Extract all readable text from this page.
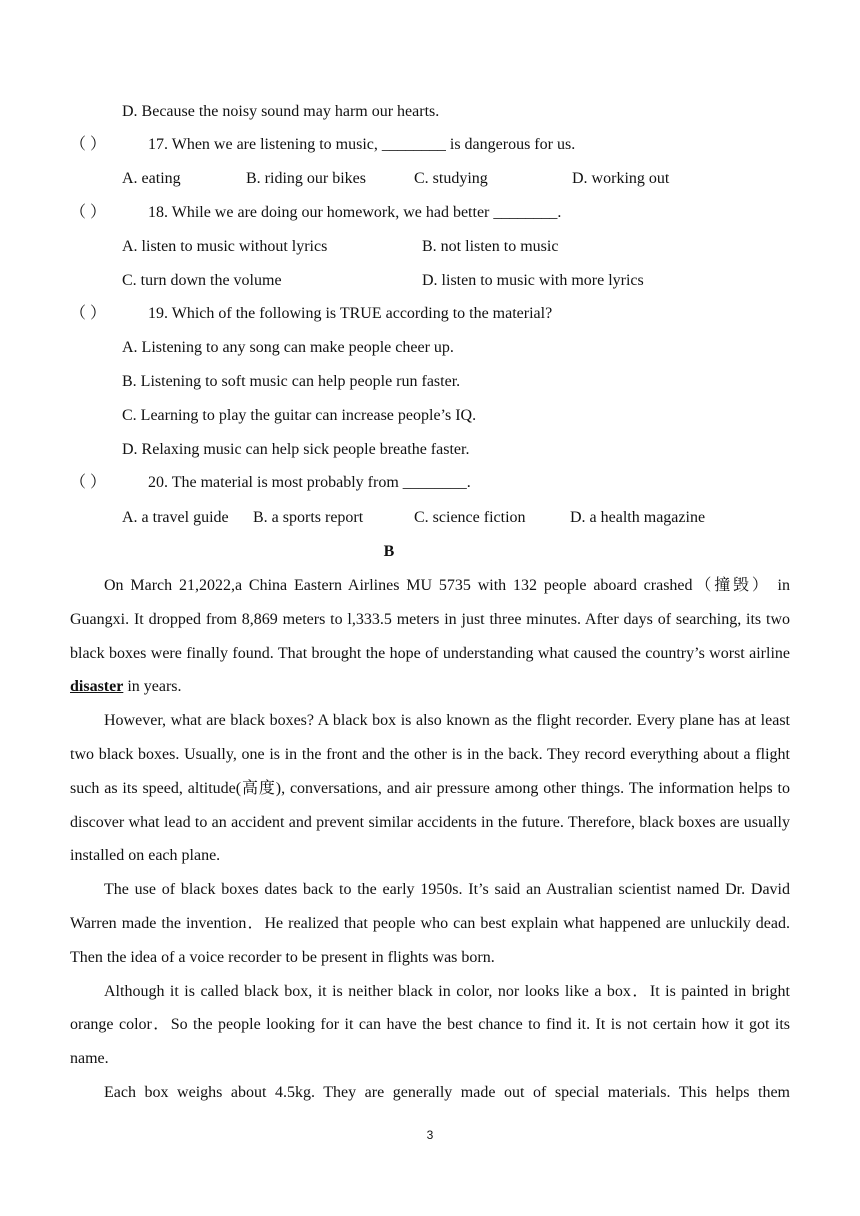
D. Because the noisy sound may harm our hearts.
（ ）	17. When we are listening to music, ________ is dangerous for us.
A. eating	B. riding our bikes	C. studying	D. working out
（ ）	18. While we are doing our homework, we had better ________.
A. listen to music without lyrics	B. not listen to music
C. turn down the volume	D. listen to music with more lyrics
（ ）	19. Which of the following is TRUE according to the material?
A. Listening to any song can make people cheer up.
B. Listening to soft music can help people run faster.
C. Learning to play the guitar can increase people’s IQ.
D. Relaxing music can help sick people breathe faster.
（ ）	20. The material is most probably from ________.
A. a travel guide B. a sports report	C. science fiction	D. a health magazine
B

On March 21,2022,a China Eastern Airlines MU 5735 with 132 people aboard crashed（撞毁） in Guangxi. It dropped from 8,869 meters to l,333.5 meters in just three minutes. After days of searching, its two black boxes were finally found. That brought the hope of understanding what caused the country’s worst airline disaster in years.

However, what are black boxes? A black box is also known as the flight recorder. Every plane has at least two black boxes. Usually, one is in the front and the other is in the back. They record everything about a flight such as its speed, altitude(高度), conversations, and air pressure among other things. The information helps to discover what lead to an accident and prevent similar accidents in the future. Therefore, black boxes are usually installed on each plane.

The use of black boxes dates back to the early 1950s. It’s said an Australian scientist named Dr. David Warren made the invention．He realized that people who can best explain what happened are unluckily dead. Then the idea of a voice recorder to be present in flights was born.

Although it is called black box, it is neither black in color, nor looks like a box．It is painted in bright orange color．So the people looking for it can have the best chance to find it. It is not certain how it got its name.

Each box weighs about 4.5kg. They are generally made out of special materials. This helps them

3
